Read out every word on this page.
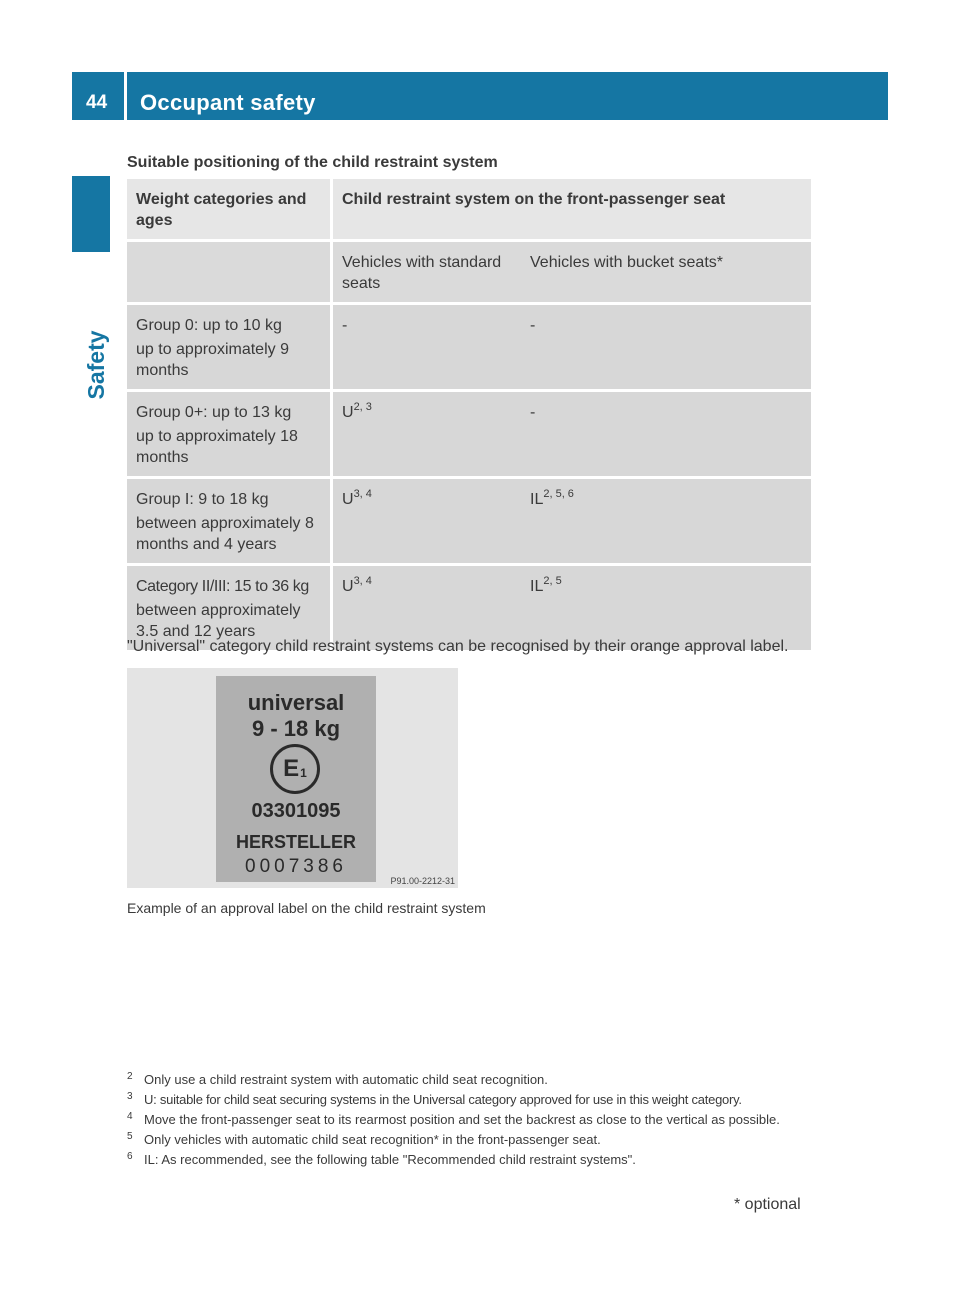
44 Occupant safety
Safety
Suitable positioning of the child restraint system
Weight categories and ages	Child restraint system on the front-passenger seat	
	Vehicles with standard seats	Vehicles with bucket seats*

Group 0: up to 10 kg
up to approximately 9 months	-	-

Group 0+: up to 13 kg
up to approximately 18 months	U$^{2, 3}$	-

Group I: 9 to 18 kg
between approximately 8 months and 4 years	U$^{3, 4}$	IL$^{2, 5, 6}$

Category II/III: 15 to 36 kg
between approximately 3.5 and 12 years	U$^{3, 4}$	IL$^{2, 5}$
"Universal" category child restraint systems can be recognised by their orange approval label.
universal
9 - 18 kg
E 1
03301095
HERSTELLER
0007386
P91.00-2212-31
Example of an approval label on the child restraint system
2 Only use a child restraint system with automatic child seat recognition.
3 U: suitable for child seat securing systems in the Universal category approved for use in this weight category.
4 Move the front-passenger seat to its rearmost position and set the backrest as close to the vertical as possible.
5 Only vehicles with automatic child seat recognition* in the front-passenger seat.
6 IL: As recommended, see the following table "Recommended child restraint systems".
* optional
